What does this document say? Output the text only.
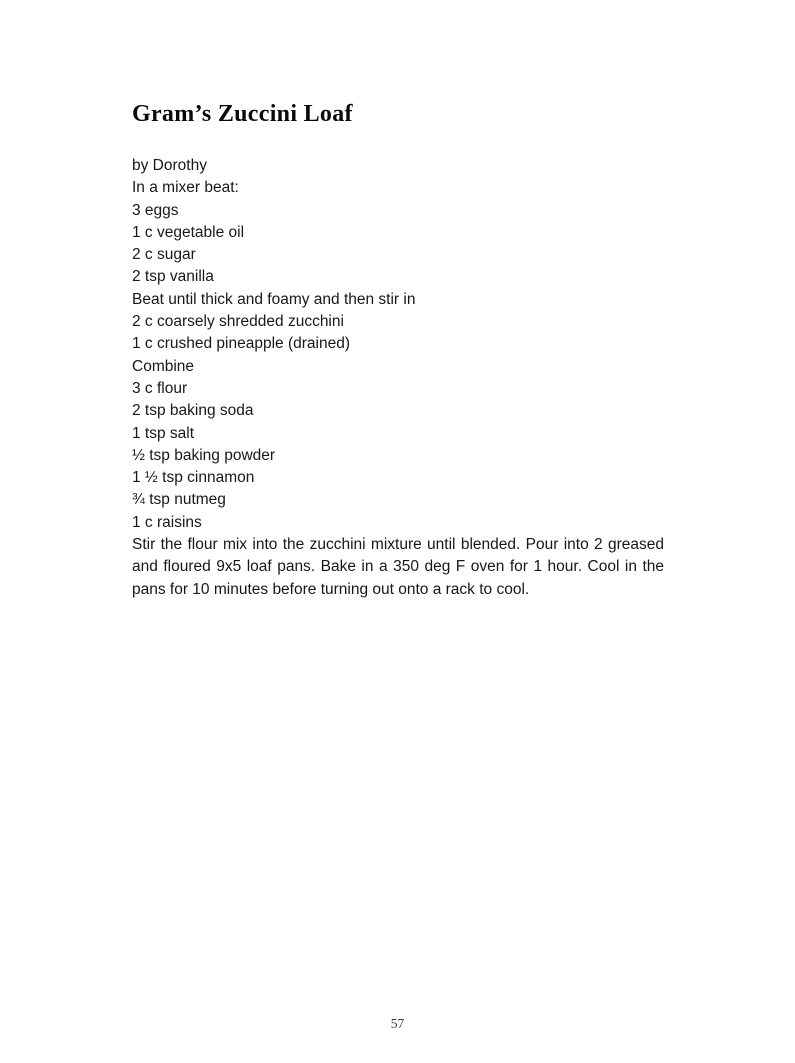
Gram’s Zuccini Loaf
by Dorothy
In a mixer beat:
3 eggs
1 c vegetable oil
2 c sugar
2 tsp vanilla
Beat until thick and foamy and then stir in
2 c coarsely shredded zucchini
1 c crushed pineapple (drained)
Combine
3 c flour
2 tsp baking soda
1 tsp salt
½ tsp baking powder
1 ½ tsp cinnamon
¾ tsp nutmeg
1 c raisins
Stir the flour mix into the zucchini mixture until blended. Pour into 2 greased and floured 9x5 loaf pans. Bake in a 350 deg F oven for 1 hour. Cool in the pans for 10 minutes before turning out onto a rack to cool.
57
